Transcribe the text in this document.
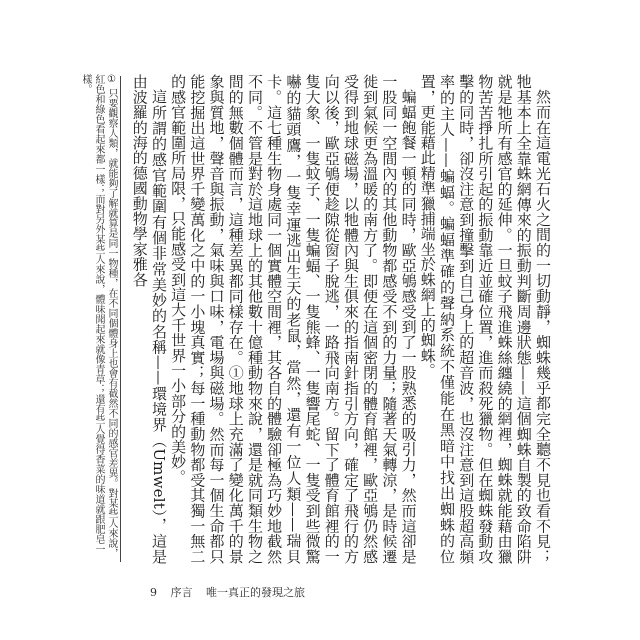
然而在這電光石火之間的一切動靜，蜘蛛幾乎都完全聽不見也看不見；牠基本上全靠蛛網傳來的振動判斷周邊狀態——這個蜘蛛自製的致命陷阱就是牠所有感官的延伸。一旦蚊子飛進蛛絲纏繞的網裡，蜘蛛就能藉由獵物苦苦掙扎所引起的振動靠近並確位置，進而殺死獵物。但在蜘蛛發動攻擊的同時，卻沒注意到撞擊到自己身上的超音波，也沒注意到這股超高頻率的主人——蝙蝠。蝙蝠準確的聲納系統不僅能在黑暗中找出蜘蛛的位置，更能藉此精準獵捕端坐於蛛網上的蜘蛛。

蝙蝠飽餐一頓的同時，歐亞鴝感受到了一股熟悉的吸引力，然而這卻是一股同一空間內的其他動物都感受不到的力量；隨著天氣轉涼，是時候遷徙到氣候更為溫暖的南方了。即便在這個密閉的體育館裡，歐亞鴝仍然感受得到地球磁場，以牠體內與生俱來的指南針指引方向，確定了飛行的方向以後，歐亞鴝便趁隙從窗子脫逃，一路飛向南方。留下了體育館裡的一隻大象、一隻蚊子、一隻蝙蝠、一隻熊蜂、一隻響尾蛇、一隻受到些微驚嚇的貓頭鷹，一隻幸運逃出生天的老鼠，當然，還有一位人類——瑞貝卡。這七種生物身處同一個實體空間裡，其各自的體驗卻極為巧妙地截然不同。不管是對於這地球上的其他數十億種動物來說，還是就同類生物之間的無數個體而言，這種差異都同樣存在。①地球上充滿了變化萬千的景象與質地，聲音與振動，氣味與口味，電場與磁場。然而每一個生命都只能挖掘出這世界千變萬化之中的一小塊真實；每一種動物都受其獨一無二的感官範圍所局限，只能感受到這大千世界一小部分的美妙。

這所謂的感官範圍有個非常美妙的名稱——環境界（Umwelt），這是由波羅的海的德國動物學家雅各

① 只要觀察人類，就能夠了解就算是同一物種，在不同個體身上也會有截然不同的感官差異。對某些人來說，紅色和綠色看起來都一樣；而對另外某些人來說，體味聞起來就像青草；還有些人覺得香菜的味道就跟肥皂一樣。

9 序言 唯一真正的發現之旅
